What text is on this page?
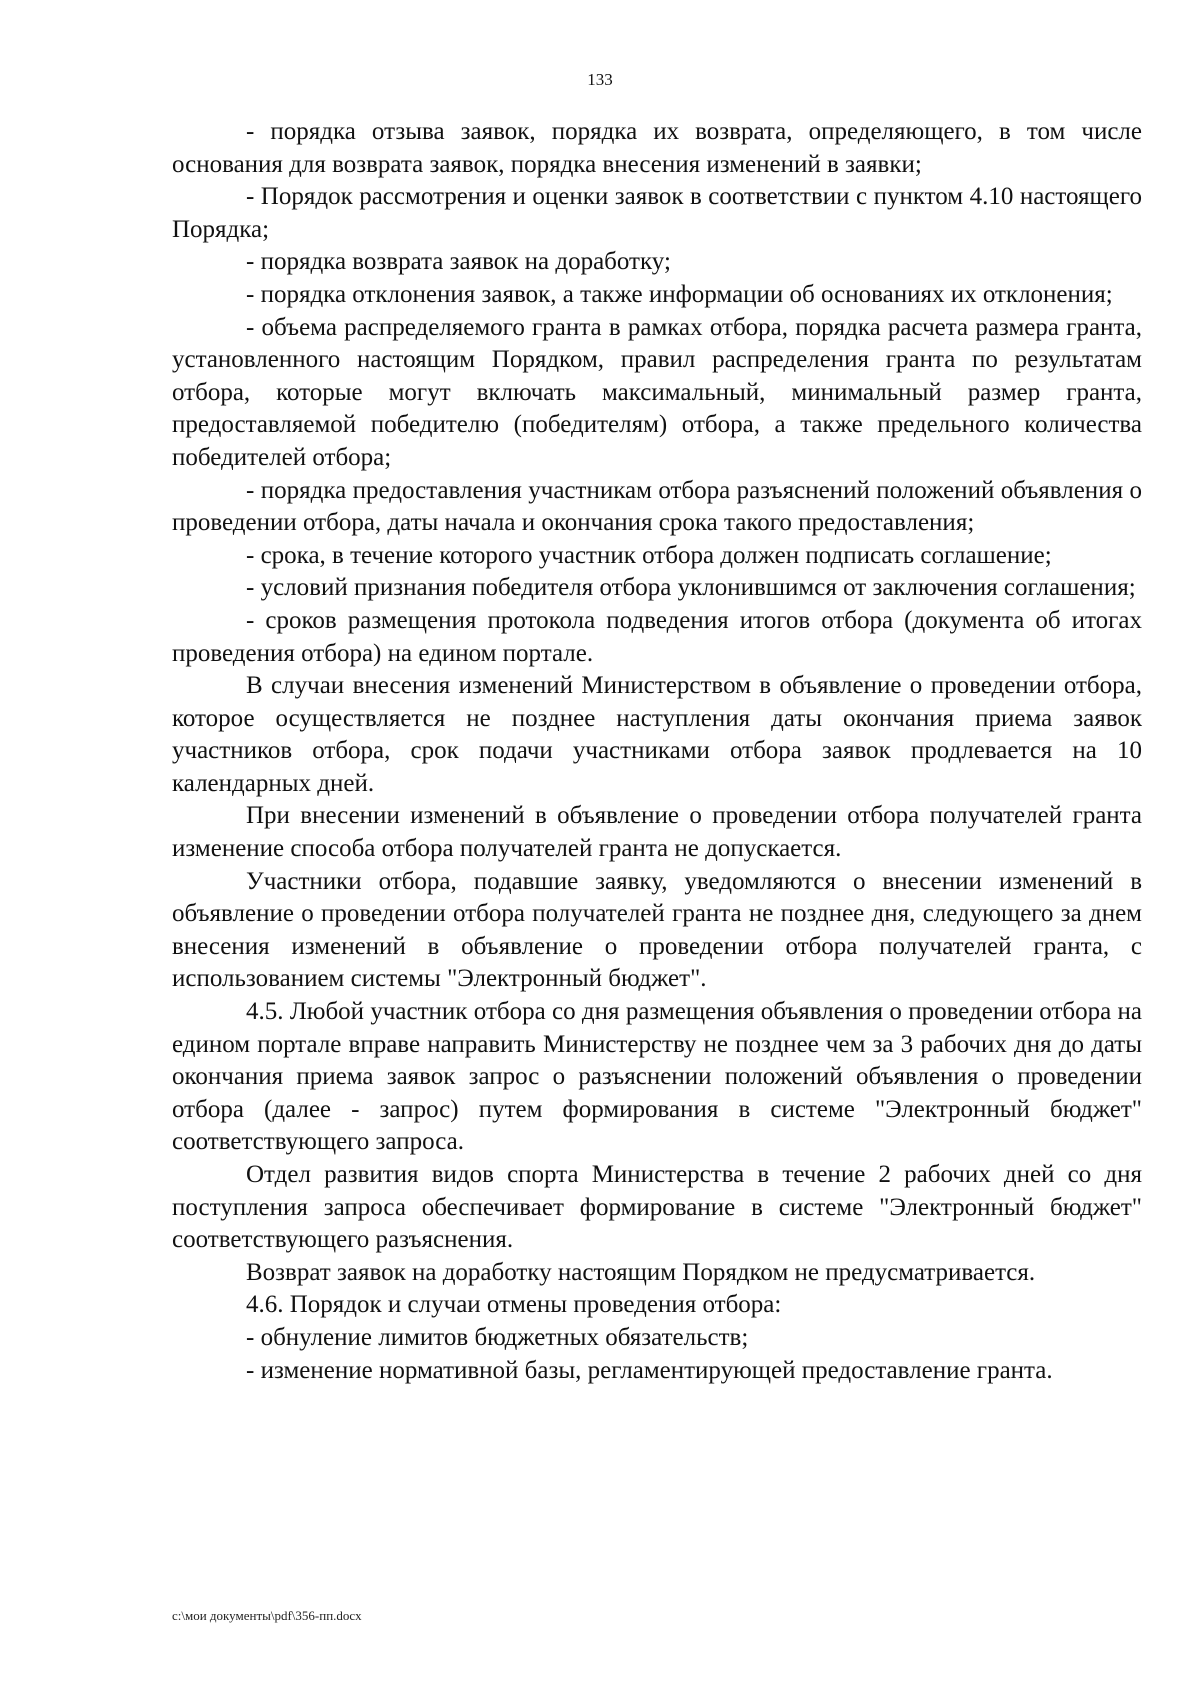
133

- порядка отзыва заявок, порядка их возврата, определяющего, в том числе основания для возврата заявок, порядка внесения изменений в заявки;

- Порядок рассмотрения и оценки заявок в соответствии с пунктом 4.10 настоящего Порядка;

- порядка возврата заявок на доработку;

- порядка отклонения заявок, а также информации об основаниях их отклонения;

- объема распределяемого гранта в рамках отбора, порядка расчета размера гранта, установленного настоящим Порядком, правил распределения гранта по результатам отбора, которые могут включать максимальный, минимальный размер гранта, предоставляемой победителю (победителям) отбора, а также предельного количества победителей отбора;

- порядка предоставления участникам отбора разъяснений положений объявления о проведении отбора, даты начала и окончания срока такого предоставления;

- срока, в течение которого участник отбора должен подписать соглашение;

- условий признания победителя отбора уклонившимся от заключения соглашения;

- сроков размещения протокола подведения итогов отбора (документа об итогах проведения отбора) на едином портале.

В случаи внесения изменений Министерством в объявление о проведении отбора, которое осуществляется не позднее наступления даты окончания приема заявок участников отбора, срок подачи участниками отбора заявок продлевается на 10 календарных дней.

При внесении изменений в объявление о проведении отбора получателей гранта изменение способа отбора получателей гранта не допускается.

Участники отбора, подавшие заявку, уведомляются о внесении изменений в объявление о проведении отбора получателей гранта не позднее дня, следующего за днем внесения изменений в объявление о проведении отбора получателей гранта, с использованием системы "Электронный бюджет".

4.5. Любой участник отбора со дня размещения объявления о проведении отбора на едином портале вправе направить Министерству не позднее чем за 3 рабочих дня до даты окончания приема заявок запрос о разъяснении положений объявления о проведении отбора (далее - запрос) путем формирования в системе "Электронный бюджет" соответствующего запроса.

Отдел развития видов спорта Министерства в течение 2 рабочих дней со дня поступления запроса обеспечивает формирование в системе "Электронный бюджет" соответствующего разъяснения.

Возврат заявок на доработку настоящим Порядком не предусматривается.

4.6. Порядок и случаи отмены проведения отбора:

- обнуление лимитов бюджетных обязательств;

- изменение нормативной базы, регламентирующей предоставление гранта.

c:\мои документы\pdf\356-пп.docx
